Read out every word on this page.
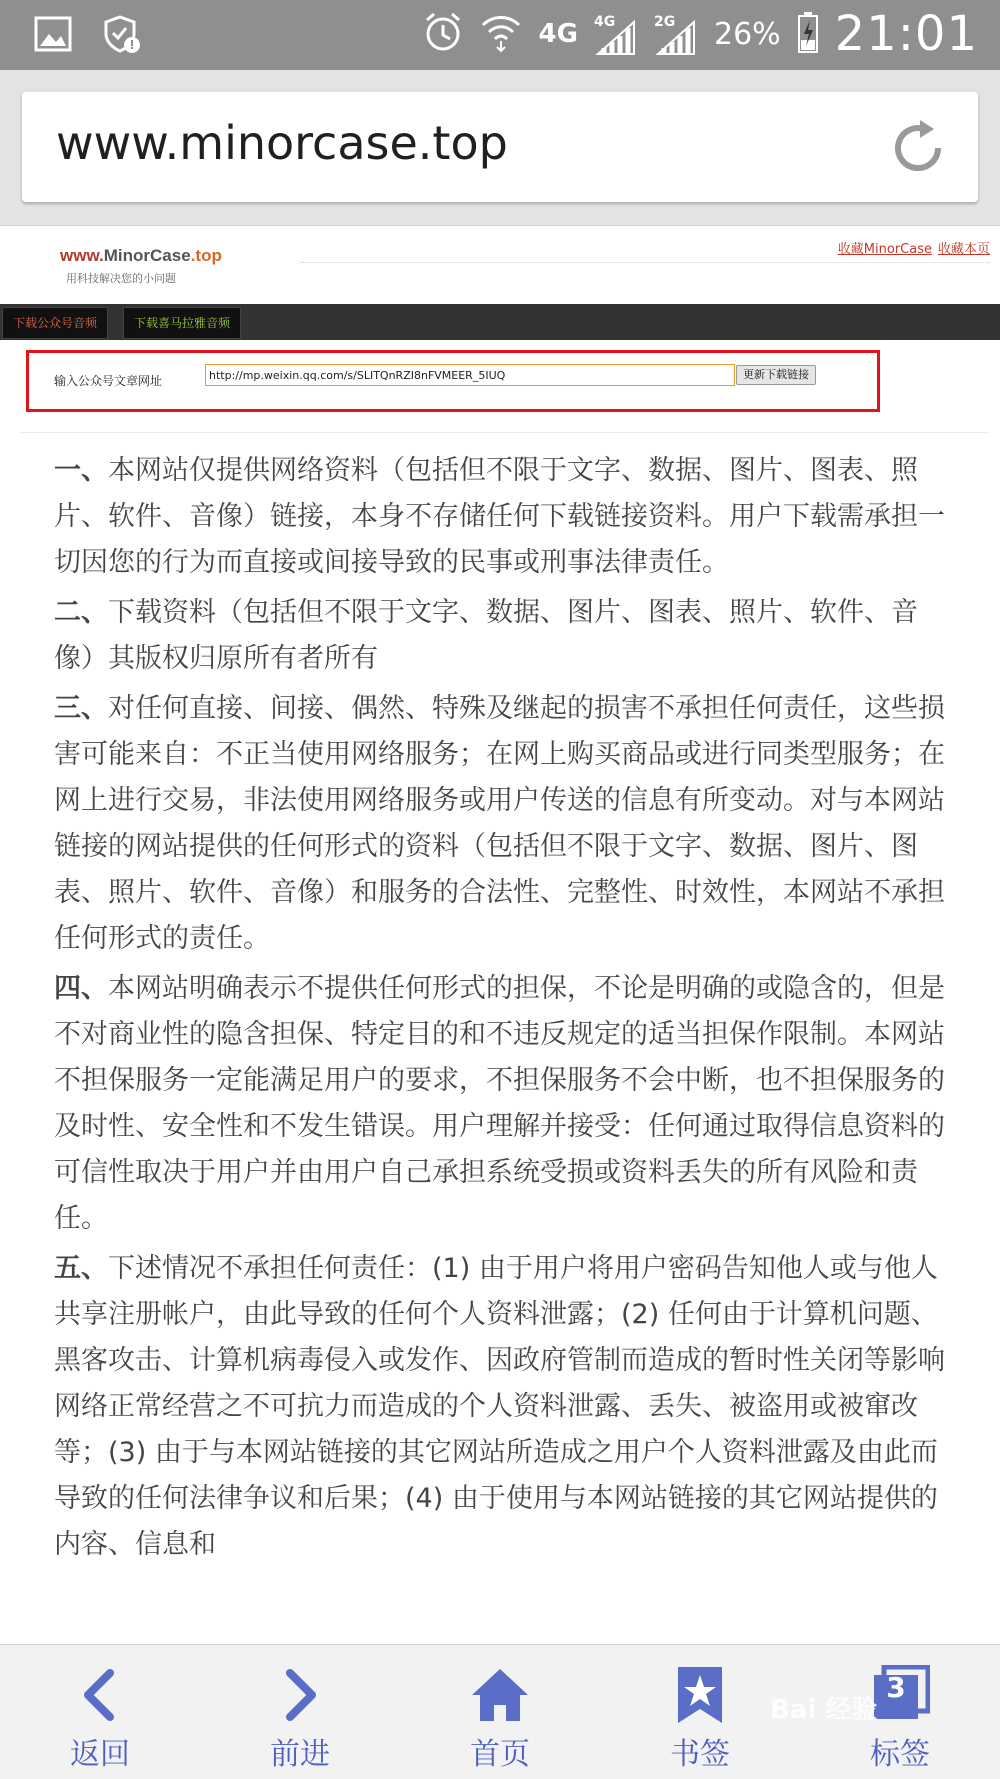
4G 4G	2G 26% 21:01
www.minorcase.top
www.MinorCase.top
用科技解决您的小问题
收藏MinorCase 收藏本页
下载公众号音频	下载喜马拉雅音频
输入公众号文章网址
http://mp.weixin.qq.com/s/SLITQnRZI8nFVMEER_5IUQ	更新下载链接

一、本网站仅提供网络资料（包括但不限于文字、数据、图片、图表、照片、软件、音像）链接，本身不存储任何下载链接资料。用户下载需承担一切因您的行为而直接或间接导致的民事或刑事法律责任。

二、下载资料（包括但不限于文字、数据、图片、图表、照片、软件、音像）其版权归原所有者所有

三、对任何直接、间接、偶然、特殊及继起的损害不承担任何责任，这些损害可能来自：不正当使用网络服务；在网上购买商品或进行同类型服务；在网上进行交易，非法使用网络服务或用户传送的信息有所变动。对与本网站链接的网站提供的任何形式的资料（包括但不限于文字、数据、图片、图表、照片、软件、音像）和服务的合法性、完整性、时效性，本网站不承担任何形式的责任。

四、本网站明确表示不提供任何形式的担保，不论是明确的或隐含的，但是不对商业性的隐含担保、特定目的和不违反规定的适当担保作限制。本网站不担保服务一定能满足用户的要求，不担保服务不会中断，也不担保服务的及时性、安全性和不发生错误。用户理解并接受：任何通过取得信息资料的可信性取决于用户并由用户自己承担系统受损或资料丢失的所有风险和责任。

五、下述情况不承担任何责任：(1) 由于用户将用户密码告知他人或与他人共享注册帐户，由此导致的任何个人资料泄露；(2) 任何由于计算机问题、黑客攻击、计算机病毒侵入或发作、因政府管制而造成的暂时性关闭等影响网络正常经营之不可抗力而造成的个人资料泄露、丢失、被盗用或被窜改等；(3) 由于与本网站链接的其它网站所造成之用户个人资料泄露及由此而导致的任何法律争议和后果；(4) 由于使用与本网站链接的其它网站提供的内容、信息和

返回	前进	首页	书签
3
标签
Bai 经验
